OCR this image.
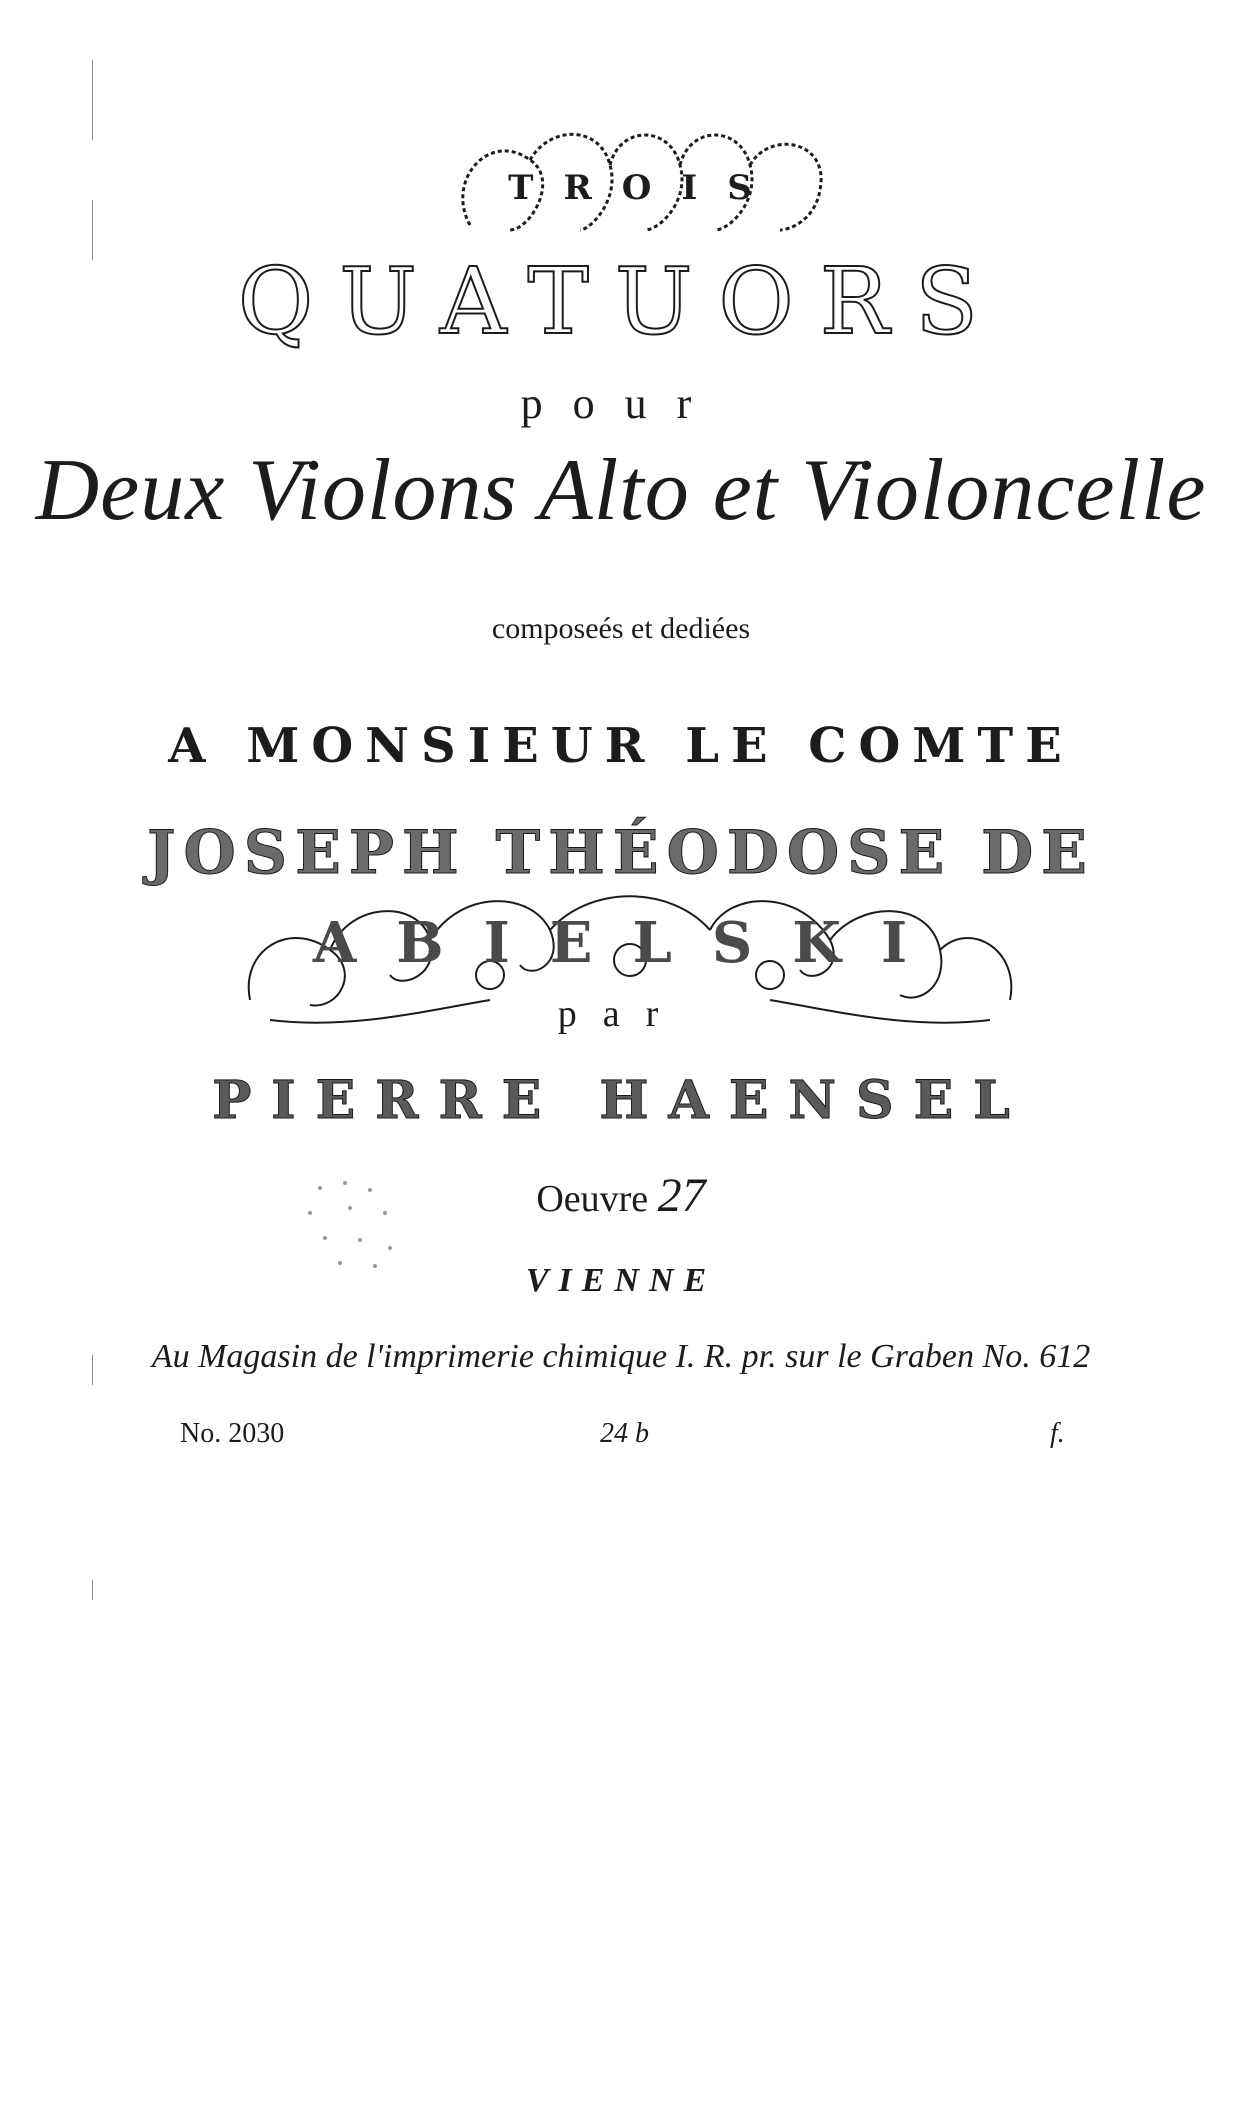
TROIS
QUATUORS
pour
Deux Violons Alto et Violoncelle
composeés et dediées
A MONSIEUR LE COMTE
JOSEPH THÉODOSE DE
ABIELSKI
par
PIERRE HAENSEL
Oeuvre 27
VIENNE
Au Magasin de l'imprimerie chimique I. R. pr. sur le Graben No. 612
No. 2030	24 b	f.
